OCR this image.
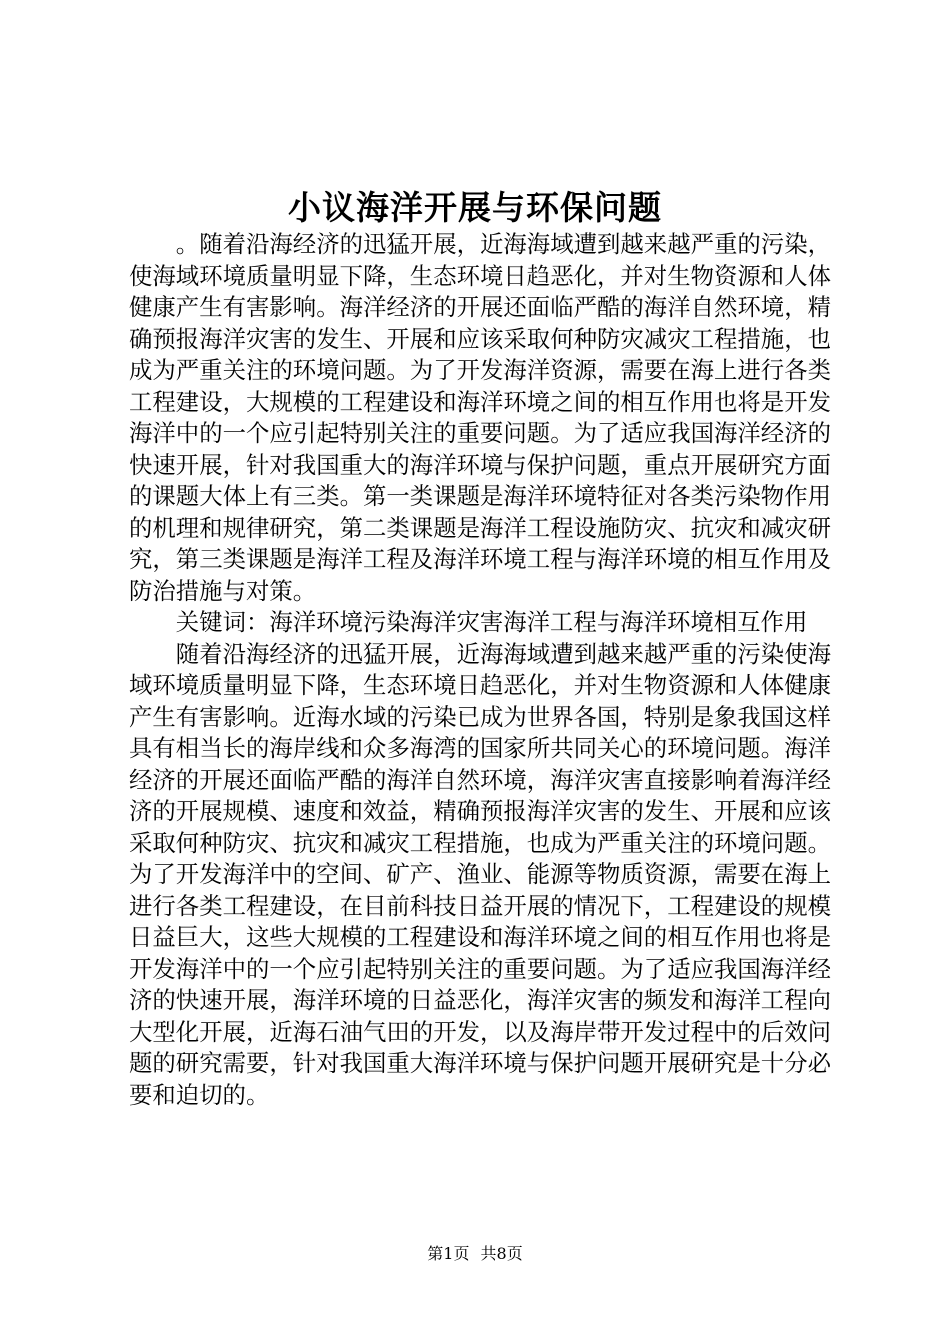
小议海洋开展与环保问题

。随着沿海经济的迅猛开展，近海海域遭到越来越严重的污染，使海域环境质量明显下降，生态环境日趋恶化，并对生物资源和人体健康产生有害影响。海洋经济的开展还面临严酷的海洋自然环境，精确预报海洋灾害的发生、开展和应该采取何种防灾减灾工程措施，也成为严重关注的环境问题。为了开发海洋资源，需要在海上进行各类工程建设，大规模的工程建设和海洋环境之间的相互作用也将是开发海洋中的一个应引起特别关注的重要问题。为了适应我国海洋经济的快速开展，针对我国重大的海洋环境与保护问题，重点开展研究方面的课题大体上有三类。第一类课题是海洋环境特征对各类污染物作用的机理和规律研究，第二类课题是海洋工程设施防灾、抗灾和减灾研究，第三类课题是海洋工程及海洋环境工程与海洋环境的相互作用及防治措施与对策。

关键词：海洋环境污染海洋灾害海洋工程与海洋环境相互作用

随着沿海经济的迅猛开展，近海海域遭到越来越严重的污染使海域环境质量明显下降，生态环境日趋恶化，并对生物资源和人体健康产生有害影响。近海水域的污染已成为世界各国，特别是象我国这样具有相当长的海岸线和众多海湾的国家所共同关心的环境问题。海洋经济的开展还面临严酷的海洋自然环境，海洋灾害直接影响着海洋经济的开展规模、速度和效益，精确预报海洋灾害的发生、开展和应该采取何种防灾、抗灾和减灾工程措施，也成为严重关注的环境问题。为了开发海洋中的空间、矿产、渔业、能源等物质资源，需要在海上进行各类工程建设，在目前科技日益开展的情况下，工程建设的规模日益巨大，这些大规模的工程建设和海洋环境之间的相互作用也将是开发海洋中的一个应引起特别关注的重要问题。为了适应我国海洋经济的快速开展，海洋环境的日益恶化，海洋灾害的频发和海洋工程向大型化开展，近海石油气田的开发，以及海岸带开发过程中的后效问题的研究需要，针对我国重大海洋环境与保护问题开展研究是十分必要和迫切的。

第1页 共8页
